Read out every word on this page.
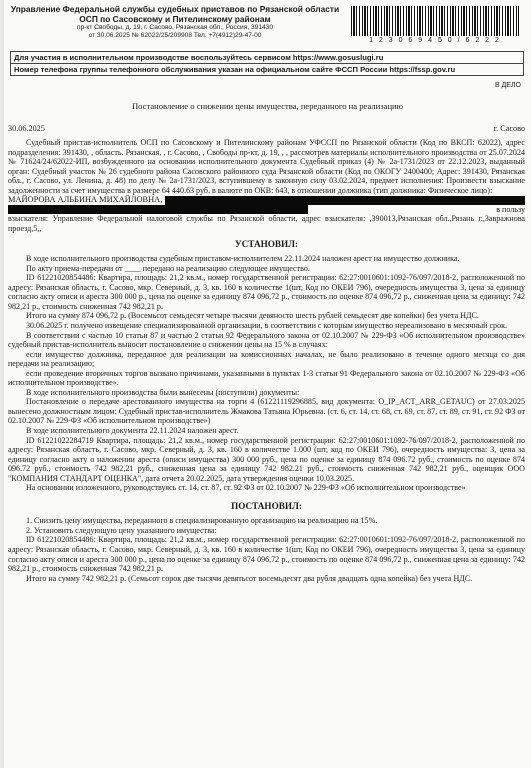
Управление Федеральной службы судебных приставов по Рязанской области
ОСП по Сасовскому и Пителинскому районам
пр-кт Свободы, д. 19, г. Сасово, Рязанская обл., Россия, 391430
от 30.06.2025 № 62022/25/209908 Тел. +7(4912)29-47-00
1 2 3 0 6 9 4 5 0 / 6 2 2 2
Для участия в исполнительном производстве воспользуйтесь сервисом https://www.gosuslugi.ru
Номер телефона группы телефонного обслуживания указан на официальном сайте ФССП России https://fssp.gov.ru
В ДЕЛО
Постановление о снижении цены имущества, переданного на реализацию
30.06.2025	г. Сасово

Судебный пристав-исполнитель ОСП по Сасовскому и Пителинскому районам УФССП по Рязанской области (Код по ВКСП: 62022), адрес подразделения: 391430, , область. Рязанская, , г. Сасово, , Свободы пр-кт, д. 19, , , рассмотрев материалы исполнительного производства от 25.07.2024 № 71624/24/62022-ИП, возбужденного на основании исполнительного документа Судебный приказ (4) № 2а-1731/2023 от 22.12.2023, выданный орган: Судебный участок № 26 судебного района Сасовского районного суда Рязанской области (Код по ОКОГУ 2400400; Адрес: 391430, Рязанская обл., г. Сасово, ул. Ленина, д. 48) по делу № 2а-1731/2023, вступившему в законную силу 03.02.2024, предмет исполнения: Произвести взыскание задолженности за счет имущества в размере 64 440.63 руб. в валюте по ОКВ: 643, в отношении должника (тип должника: Физическое лицо):

МАЙОРОВА АЛЬБИНА МИХАЙЛОВНА,
в пользу

взыскателя: Управление Федеральной налоговой службы по Рязанской области, адрес взыскателя: ,390013,Рязанская обл.,Рязань г.,Завражнова проезд,5,,

УСТАНОВИЛ:

В ходе исполнительного производства судебным приставом-исполнителем 22.11.2024 наложен арест на имущество должника.

По акту приема-передачи от ____ передано на реализацию следующее имущество.

ID 61221020854486: Квартира, площадь: 21,2 кв.м., номер государственной регистрации: 62:27:0010601:1092-76/097/2018-2, расположенной по адресу: Рязанская область, г. Сасово, мкр. Северный, д. 3, кв. 160 в количестве 1(шт, Код по ОКЕИ 796), очередность имущества 3, цена за единицу согласно акту описи и ареста 300 000 р., цена по оценке за единицу 874 096,72 р., стоимость по оценке 874 096,72 р., сниженная цена за единицу: 742 982,21 р., стоимость сниженная 742 982,21 р.

Итого на сумму 874 096,72 р. (Восемьсот семьдесят четыре тысячи девяносто шесть рублей семьдесят две копейки) без учета НДС.

30.06.2025 г. получено извещение специализированной организации, в соответствии с которым имущество нереализовано в месячный срок.

В соответствии с частью 10 статьи 87 и частью 2 статьи 92 Федерального закона от 02.10.2007 № 229-ФЗ «Об исполнительном производстве» судебный пристав-исполнитель выносит постановление о снижении цены на 15 % в случаях:

если имущество должника, переданное для реализации на комиссионных началах, не было реализовано в течение одного месяца со дня передачи на реализацию;

если проведение вторичных торгов вызвано причинами, указанными в пунктах 1-3 статьи 91 Федерального закона от 02.10.2007 № 229-ФЗ «Об исполнительном производстве».

В ходе исполнительного производства были вынесены (поступили) документы:

Постановление о передаче арестованного имущества на торги 4 (61221119296885, вид документа: O_IP_ACT_ARR_GETAUC) от 27.03.2025 вынесено должностным лицом: Судебный пристав-исполнитель Жмакова Татьяна Юрьевна. (ст. 6, ст. 14, ст. 68, ст. 69, ст. 87, ст. 89, ст. 91, ст. 92 ФЗ от 02.10.2007 № 229-ФЗ «Об исполнительном производстве»)

В ходе исполнительного документа 22.11.2024 наложен арест.

ID 61221022284719 Квартира, площадь: 21,2 кв.м., номер государственной регистрации: 62:27:0010601:1092-76/097/2018-2, расположенной по адресу: Рязанская область, г. Сасово, мкр. Северный, д. 3, кв. 160 в количестве 1.000 (шт, код по ОКЕИ 796), очередность имущества: 3, цена за единицу согласно акту о наложении ареста (описи имущества) 300 000 руб., цена по оценке за единицу 874 096.72 руб., стоимость по оценке 874 096.72 руб., стоимость 742 982,21 руб., сниженная цена за единицу 742 982.21 руб., стоимость сниженная 742 982,21 руб., оценщик ООО "КОМПАНИЯ СТАНДАРТ ОЦЕНКА", дата отчета 20.02.2025, дата утверждения оценки 10.03.2025.

На основании изложенного, руководствуясь ст. 14, ст. 87, ст. 92 ФЗ от 02.10.2007 № 229-ФЗ «Об исполнительном производстве»

ПОСТАНОВИЛ:

1. Снизить цену имущества, переданного в специализированную организацию на реализацию на 15%.

2. Установить следующую цену указанного имущества:

ID 61221020854486: Квартира, площадь: 21,2 кв.м., номер государственной регистрации: 62:27:0010601:1092-76/097/2018-2, расположенной по адресу: Рязанская область, г. Сасово, мкр. Северный, д. 3, кв. 160 в количестве 1(шт, Код по ОКЕИ 796), очередность имущества 3, цена за единицу согласно акту описи и ареста 300 000 р., цена по оценке за единицу 874 096,72 р., стоимость по оценке 874 096,72 р., сниженная цена за единицу: 742 982,21 р., стоимость сниженная 742 982,21 р.

Итого на сумму 742 982,21 р. (Семьсот сорок две тысячи девятьсот восемьдесят два рубля двадцать одна копейка) без учета НДС.
